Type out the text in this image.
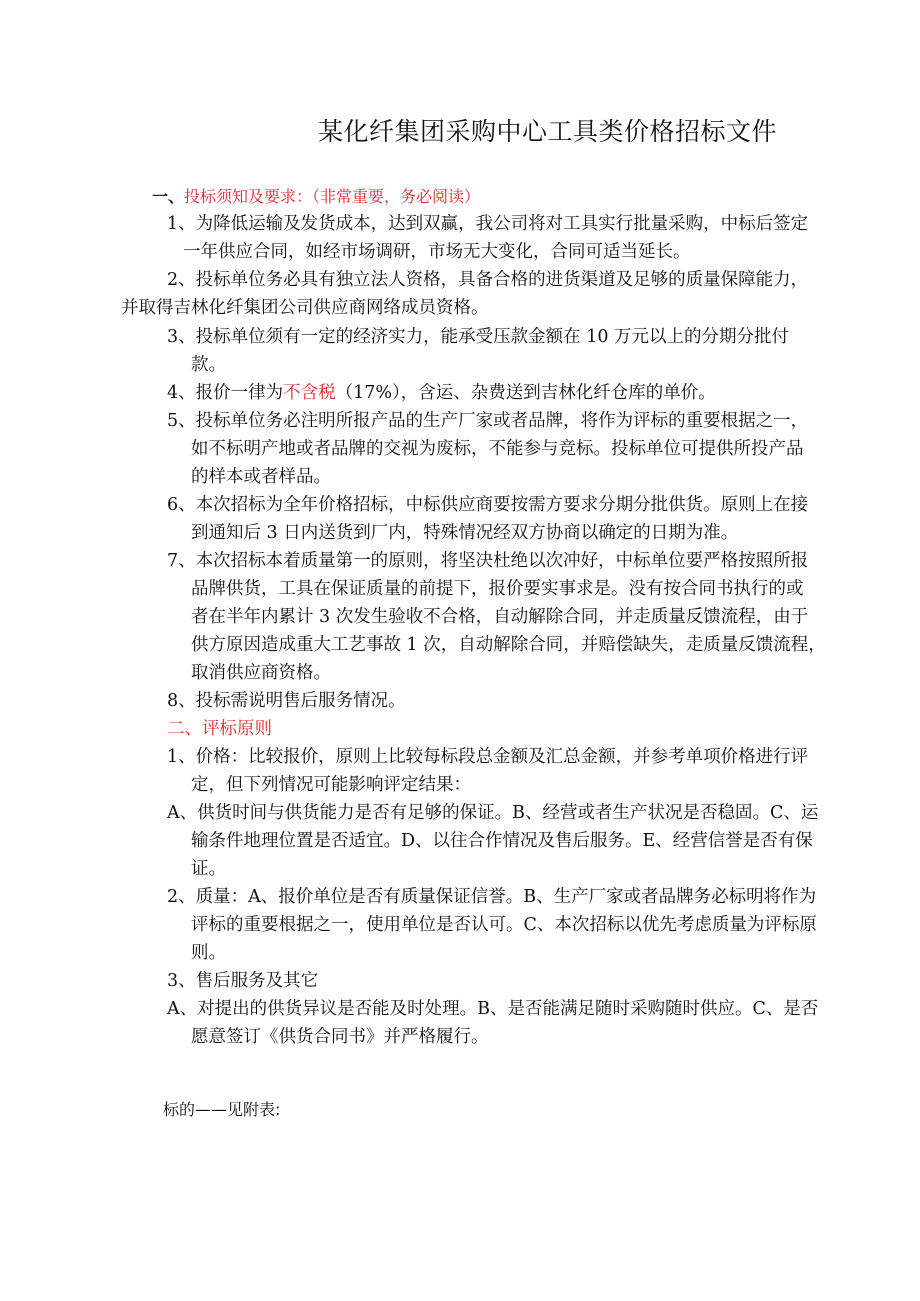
某化纤集团采购中心工具类价格招标文件
一、投标须知及要求：（非常重要，务必阅读）
1、为降低运输及发货成本，达到双赢，我公司将对工具实行批量采购，中标后签定
一年供应合同，如经市场调研，市场无大变化，合同可适当延长。
2、投标单位务必具有独立法人资格，具备合格的进货渠道及足够的质量保障能力，
并取得吉林化纤集团公司供应商网络成员资格。
3、投标单位须有一定的经济实力，能承受压款金额在 10 万元以上的分期分批付
款。
4、报价一律为不含税（17%），含运、杂费送到吉林化纤仓库的单价。
5、投标单位务必注明所报产品的生产厂家或者品牌，将作为评标的重要根据之一，
如不标明产地或者品牌的交视为废标，不能参与竞标。投标单位可提供所投产品
的样本或者样品。
6、本次招标为全年价格招标，中标供应商要按需方要求分期分批供货。原则上在接
到通知后 3 日内送货到厂内，特殊情况经双方协商以确定的日期为准。
7、本次招标本着质量第一的原则，将坚决杜绝以次冲好，中标单位要严格按照所报
品牌供货，工具在保证质量的前提下，报价要实事求是。没有按合同书执行的或
者在半年内累计 3 次发生验收不合格，自动解除合同，并走质量反馈流程，由于
供方原因造成重大工艺事故 1 次，自动解除合同，并赔偿缺失，走质量反馈流程，
取消供应商资格。
8、投标需说明售后服务情况。
二、评标原则
1、价格：比较报价，原则上比较每标段总金额及汇总金额，并参考单项价格进行评
定，但下列情况可能影响评定结果：
A、供货时间与供货能力是否有足够的保证。B、经营或者生产状况是否稳固。C、运
输条件地理位置是否适宜。D、以往合作情况及售后服务。E、经营信誉是否有保
证。
2、质量：A、报价单位是否有质量保证信誉。B、生产厂家或者品牌务必标明将作为
评标的重要根据之一，使用单位是否认可。C、本次招标以优先考虑质量为评标原
则。
3、售后服务及其它
A、对提出的供货异议是否能及时处理。B、是否能满足随时采购随时供应。C、是否
愿意签订《供货合同书》并严格履行。
标的——见附表:
